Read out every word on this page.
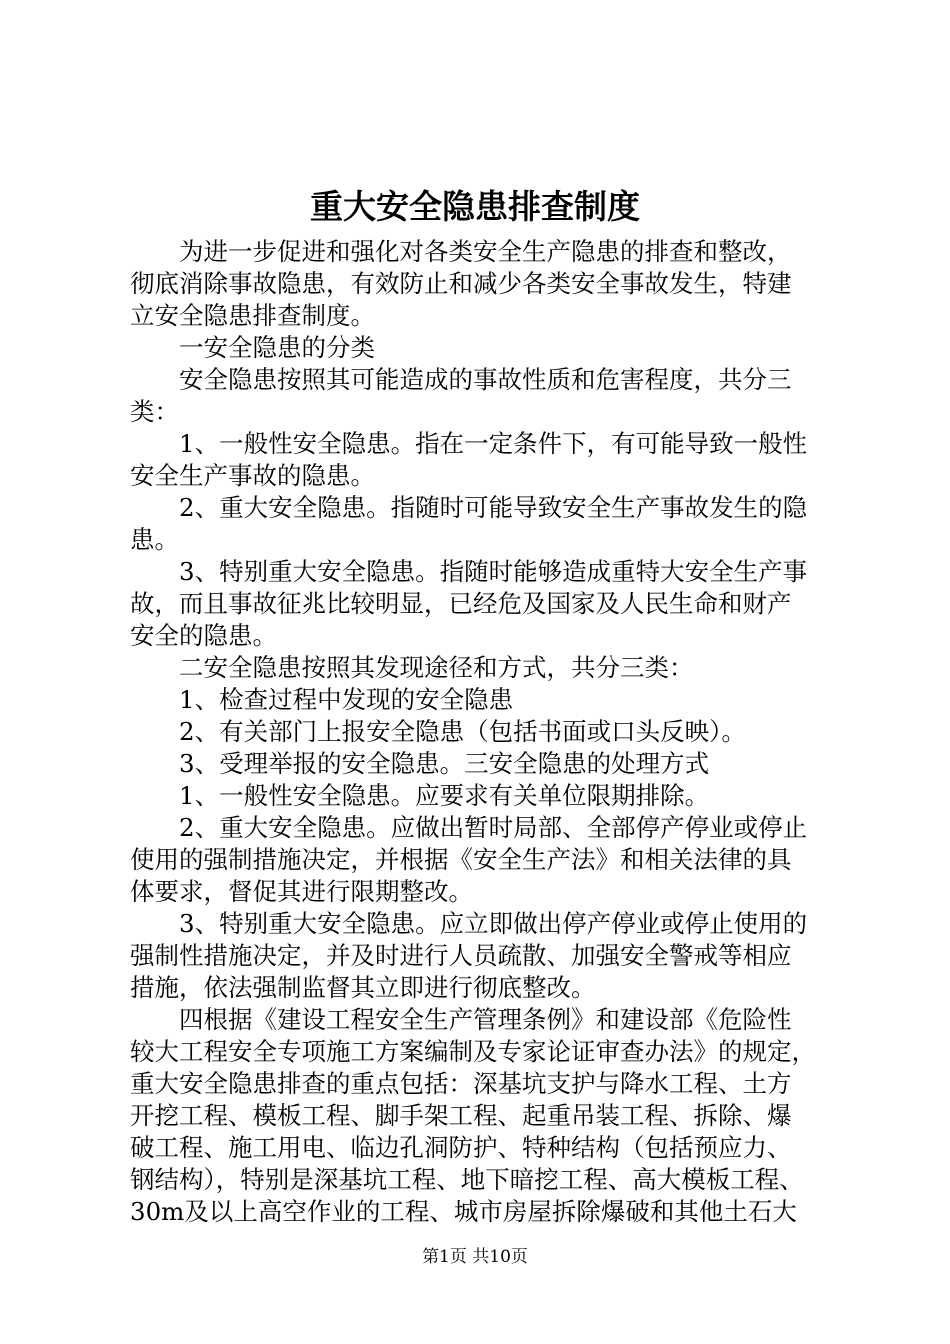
重大安全隐患排查制度

为进一步促进和强化对各类安全生产隐患的排查和整改，

彻底消除事故隐患，有效防止和减少各类安全事故发生，特建

立安全隐患排查制度。

一安全隐患的分类

安全隐患按照其可能造成的事故性质和危害程度，共分三

类：

1、一般性安全隐患。指在一定条件下，有可能导致一般性

安全生产事故的隐患。

2、重大安全隐患。指随时可能导致安全生产事故发生的隐

患。

3、特别重大安全隐患。指随时能够造成重特大安全生产事

故，而且事故征兆比较明显，已经危及国家及人民生命和财产

安全的隐患。

二安全隐患按照其发现途径和方式，共分三类：

1、检查过程中发现的安全隐患

2、有关部门上报安全隐患（包括书面或口头反映）。

3、受理举报的安全隐患。三安全隐患的处理方式

1、一般性安全隐患。应要求有关单位限期排除。

2、重大安全隐患。应做出暂时局部、全部停产停业或停止

使用的强制措施决定，并根据《安全生产法》和相关法律的具

体要求，督促其进行限期整改。

3、特别重大安全隐患。应立即做出停产停业或停止使用的

强制性措施决定，并及时进行人员疏散、加强安全警戒等相应

措施，依法强制监督其立即进行彻底整改。

四根据《建设工程安全生产管理条例》和建设部《危险性

较大工程安全专项施工方案编制及专家论证审查办法》的规定，

重大安全隐患排查的重点包括：深基坑支护与降水工程、土方

开挖工程、模板工程、脚手架工程、起重吊装工程、拆除、爆

破工程、施工用电、临边孔洞防护、特种结构（包括预应力、

钢结构），特别是深基坑工程、地下暗挖工程、高大模板工程、

30m及以上高空作业的工程、城市房屋拆除爆破和其他土石大

第1页 共10页
